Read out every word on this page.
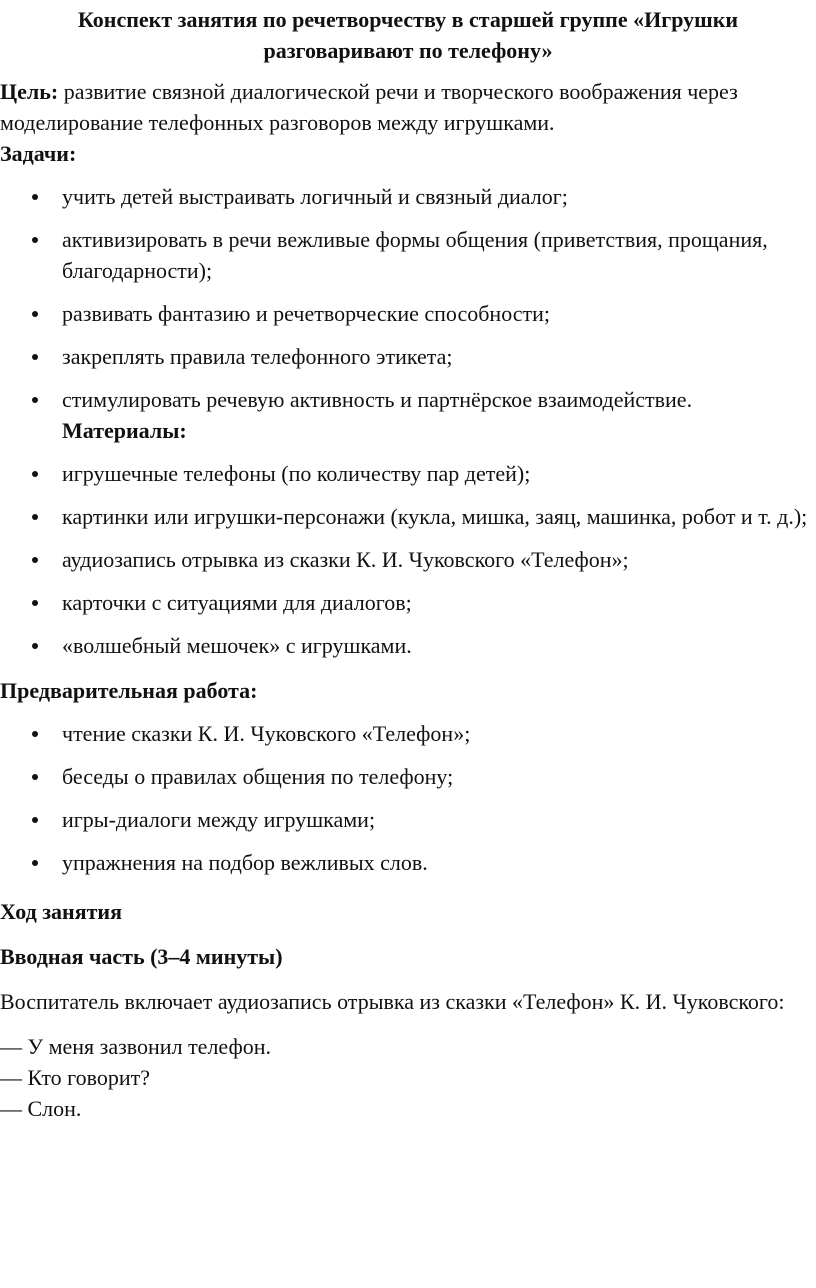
Конспект занятия по речетворчеству в старшей группе «Игрушки разговаривают по телефону»

Цель: развитие связной диалогической речи и творческого воображения через моделирование телефонных разговоров между игрушками.

Задачи:
учить детей выстраивать логичный и связный диалог;
активизировать в речи вежливые формы общения (приветствия, прощания, благодарности);
развивать фантазию и речетворческие способности;
закреплять правила телефонного этикета;
стимулировать речевую активность и партнёрское взаимодействие.
Материалы:
игрушечные телефоны (по количеству пар детей);
картинки или игрушки-персонажи (кукла, мишка, заяц, машинка, робот и т. д.);
аудиозапись отрывка из сказки К. И. Чуковского «Телефон»;
карточки с ситуациями для диалогов;
«волшебный мешочек» с игрушками.
Предварительная работа:
чтение сказки К. И. Чуковского «Телефон»;
беседы о правилах общения по телефону;
игры-диалоги между игрушками;
упражнения на подбор вежливых слов.
Ход занятия
Вводная часть (3–4 минуты)

Воспитатель включает аудиозапись отрывка из сказки «Телефон» К. И. Чуковского:

— У меня зазвонил телефон.

— Кто говорит?

— Слон.
